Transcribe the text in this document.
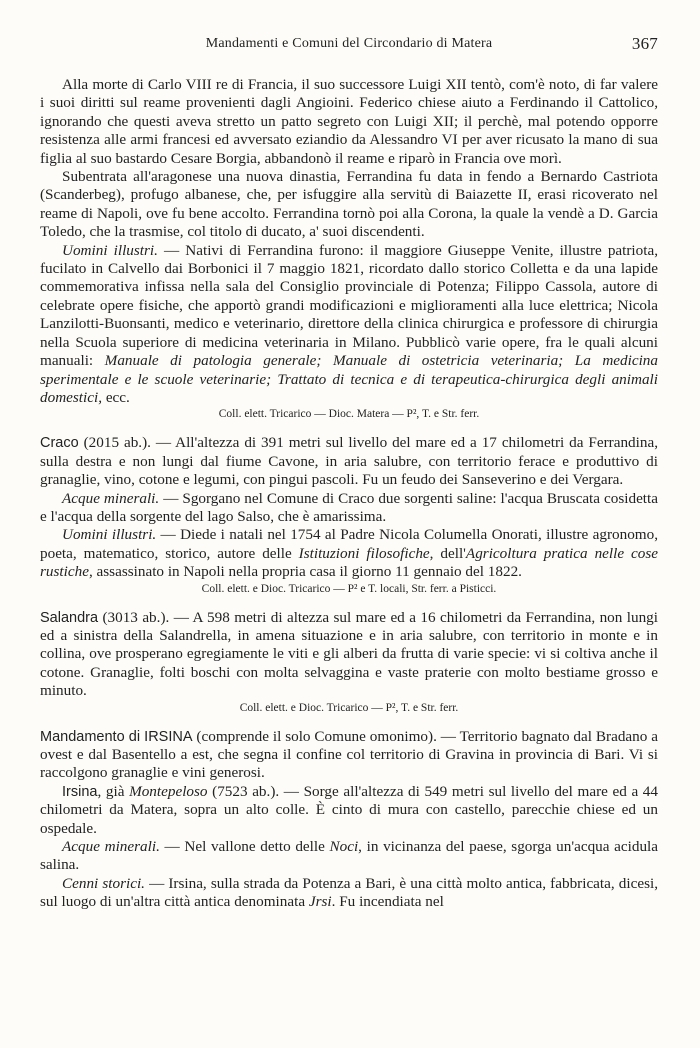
Mandamenti e Comuni del Circondario di Matera	367

Alla morte di Carlo VIII re di Francia, il suo successore Luigi XII tentò, com'è noto, di far valere i suoi diritti sul reame provenienti dagli Angioini. Federico chiese aiuto a Ferdinando il Cattolico, ignorando che questi aveva stretto un patto segreto con Luigi XII; il perchè, mal potendo opporre resistenza alle armi francesi ed avversato eziandio da Alessandro VI per aver ricusato la mano di sua figlia al suo bastardo Cesare Borgia, abbandonò il reame e riparò in Francia ove morì.

Subentrata all'aragonese una nuova dinastia, Ferrandina fu data in fendo a Bernardo Castriota (Scanderbeg), profugo albanese, che, per isfuggire alla servitù di Baiazette II, erasi ricoverato nel reame di Napoli, ove fu bene accolto. Ferrandina tornò poi alla Corona, la quale la vendè a D. Garcia Toledo, che la trasmise, col titolo di ducato, a' suoi discendenti.

Uomini illustri. — Nativi di Ferrandina furono: il maggiore Giuseppe Venite, illustre patriota, fucilato in Calvello dai Borbonici il 7 maggio 1821, ricordato dallo storico Colletta e da una lapide commemorativa infissa nella sala del Consiglio provinciale di Potenza; Filippo Cassola, autore di celebrate opere fisiche, che apportò grandi modificazioni e miglioramenti alla luce elettrica; Nicola Lanzilotti-Buonsanti, medico e veterinario, direttore della clinica chirurgica e professore di chirurgia nella Scuola superiore di medicina veterinaria in Milano. Pubblicò varie opere, fra le quali alcuni manuali: Manuale di patologia generale; Manuale di ostetricia veterinaria; La medicina sperimentale e le scuole veterinarie; Trattato di tecnica e di terapeutica-chirurgica degli animali domestici, ecc.

Coll. elett. Tricarico — Dioc. Matera — P², T. e Str. ferr.

Craco (2015 ab.). — All'altezza di 391 metri sul livello del mare ed a 17 chilometri da Ferrandina, sulla destra e non lungi dal fiume Cavone, in aria salubre, con territorio ferace e produttivo di granaglie, vino, cotone e legumi, con pingui pascoli. Fu un feudo dei Sanseverino e dei Vergara.

Acque minerali. — Sgorgano nel Comune di Craco due sorgenti saline: l'acqua Bruscata cosidetta e l'acqua della sorgente del lago Salso, che è amarissima.

Uomini illustri. — Diede i natali nel 1754 al Padre Nicola Columella Onorati, illustre agronomo, poeta, matematico, storico, autore delle Istituzioni filosofiche, dell'Agricoltura pratica nelle cose rustiche, assassinato in Napoli nella propria casa il giorno 11 gennaio del 1822.

Coll. elett. e Dioc. Tricarico — P² e T. locali, Str. ferr. a Pisticci.

Salandra (3013 ab.). — A 598 metri di altezza sul mare ed a 16 chilometri da Ferrandina, non lungi ed a sinistra della Salandrella, in amena situazione e in aria salubre, con territorio in monte e in collina, ove prosperano egregiamente le viti e gli alberi da frutta di varie specie: vi si coltiva anche il cotone. Granaglie, folti boschi con molta selvaggina e vaste praterie con molto bestiame grosso e minuto.

Coll. elett. e Dioc. Tricarico — P², T. e Str. ferr.

Mandamento di IRSINA (comprende il solo Comune omonimo). — Territorio bagnato dal Bradano a ovest e dal Basentello a est, che segna il confine col territorio di Gravina in provincia di Bari. Vi si raccolgono granaglie e vini generosi.

Irsina, già Montepeloso (7523 ab.). — Sorge all'altezza di 549 metri sul livello del mare ed a 44 chilometri da Matera, sopra un alto colle. È cinto di mura con castello, parecchie chiese ed un ospedale.

Acque minerali. — Nel vallone detto delle Noci, in vicinanza del paese, sgorga un'acqua acidula salina.

Cenni storici. — Irsina, sulla strada da Potenza a Bari, è una città molto antica, fabbricata, dicesi, sul luogo di un'altra città antica denominata Jrsi. Fu incendiata nel
